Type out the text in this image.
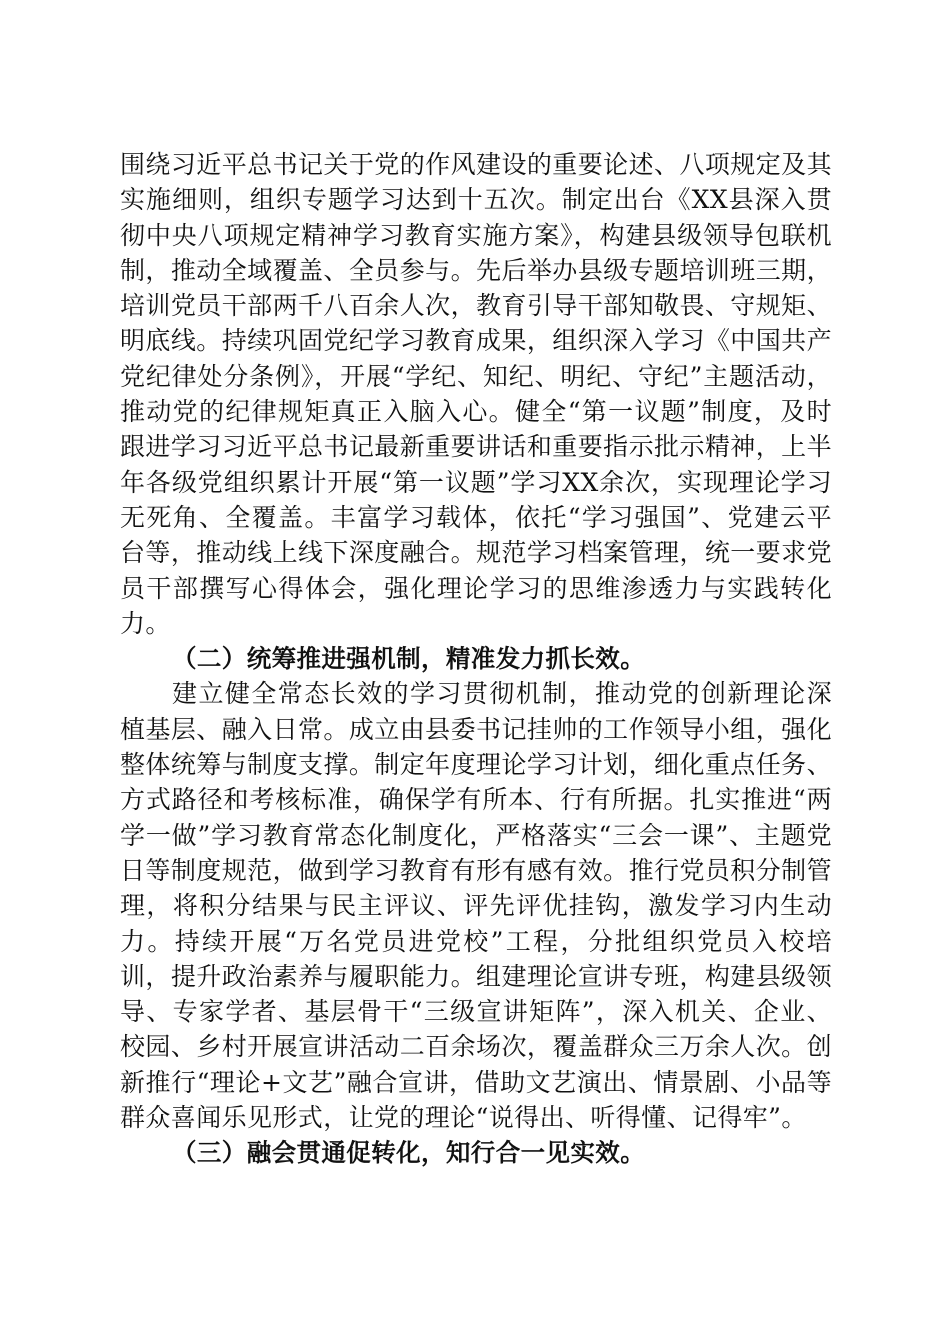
围绕习近平总书记关于党的作风建设的重要论述、八项规定及其实施细则，组织专题学习达到十五次。制定出台《XX县深入贯彻中央八项规定精神学习教育实施方案》，构建县级领导包联机制，推动全域覆盖、全员参与。先后举办县级专题培训班三期，培训党员干部两千八百余人次，教育引导干部知敬畏、守规矩、明底线。持续巩固党纪学习教育成果，组织深入学习《中国共产党纪律处分条例》，开展“学纪、知纪、明纪、守纪”主题活动，推动党的纪律规矩真正入脑入心。健全“第一议题”制度，及时跟进学习习近平总书记最新重要讲话和重要指示批示精神，上半年各级党组织累计开展“第一议题”学习XX余次，实现理论学习无死角、全覆盖。丰富学习载体，依托“学习强国”、党建云平台等，推动线上线下深度融合。规范学习档案管理，统一要求党员干部撰写心得体会，强化理论学习的思维渗透力与实践转化力。

（二）统筹推进强机制，精准发力抓长效。

建立健全常态长效的学习贯彻机制，推动党的创新理论深植基层、融入日常。成立由县委书记挂帅的工作领导小组，强化整体统筹与制度支撑。制定年度理论学习计划，细化重点任务、方式路径和考核标准，确保学有所本、行有所据。扎实推进“两学一做”学习教育常态化制度化，严格落实“三会一课”、主题党日等制度规范，做到学习教育有形有感有效。推行党员积分制管理，将积分结果与民主评议、评先评优挂钩，激发学习内生动力。持续开展“万名党员进党校”工程，分批组织党员入校培训，提升政治素养与履职能力。组建理论宣讲专班，构建县级领导、专家学者、基层骨干“三级宣讲矩阵”，深入机关、企业、校园、乡村开展宣讲活动二百余场次，覆盖群众三万余人次。创新推行“理论+文艺”融合宣讲，借助文艺演出、情景剧、小品等群众喜闻乐见形式，让党的理论“说得出、听得懂、记得牢”。

（三）融会贯通促转化，知行合一见实效。
